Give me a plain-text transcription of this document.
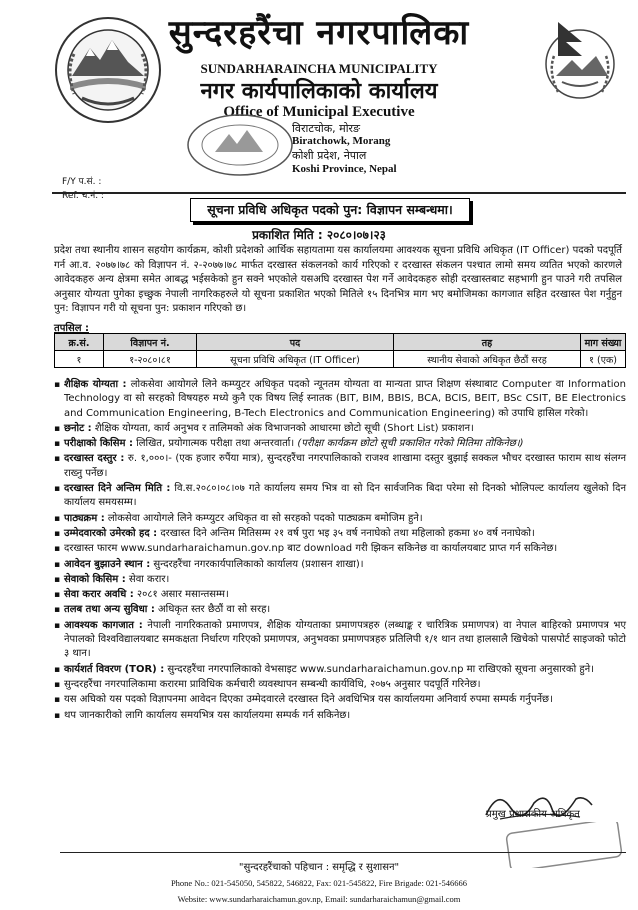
सुन्दरहरैंचा नगरपालिका
SUNDARHARAINCHA MUNICIPALITY
नगर कार्यपालिकाको कार्यालय
Office of Municipal Executive
विराटचोक, मोरङ
Biratchowk, Morang
कोशी प्रदेश, नेपाल
Koshi Province, Nepal
F/Y प.सं. :
Ref. च.नं. :
सूचना प्रविधि अधिकृत पदको पुन: विज्ञापन सम्बन्धमा।
प्रकाशित मिति : २०८०।०७।२३
प्रदेश तथा स्थानीय शासन सहयोग कार्यक्रम, कोशी प्रदेशको आर्थिक सहायतामा यस कार्यालयमा आवश्यक सूचना प्रविधि अधिकृत (IT Officer) पदको पदपूर्ति गर्न आ.व. २०७७।७८ को विज्ञापन नं. २-२०७७।७८ मार्फत दरखास्त संकलनको कार्य गरिएको र दरखास्त संकलन पश्चात लामो समय व्यतित भएको कारणले आवेदकहरु अन्य क्षेत्रमा समेत आबद्ध भईसकेको हुन सक्ने भएकोले यसअघि दरखास्त पेश गर्ने आवेदकहरु सोही दरखास्तबाट सहभागी हुन पाउने गरी तपसिल अनुसार योग्यता पुगेका इच्छुक नेपाली नागरिकहरुले यो सूचना प्रकाशित भएको मितिले १५ दिनभित्र माग भए बमोजिमका कागजात सहित दरखास्त पेश गर्नुहुन पुन: विज्ञापन गरी यो सूचना पुन: प्रकाशन गरिएको छ।
तपसिल :
क्र.सं.	विज्ञापन नं.	पद	तह	माग संख्या
१	१-२०८०।८१	सूचना प्रविधि अधिकृत (IT Officer)	स्थानीय सेवाको अधिकृत छैठौं सरह	१ (एक)
▪ शैक्षिक योग्यता : लोकसेवा आयोगले लिने कम्प्युटर अधिकृत पदको न्यूनतम योग्यता वा मान्यता प्राप्त शिक्षण संस्थाबाट Computer वा Information Technology वा सो सरहको विषयहरु मध्ये कुनै एक विषय लिई स्नातक (BIT, BIM, BBIS, BCA, BCIS, BEIT, BSc CSIT, BE Electronics and Communication Engineering, B-Tech Electronics and Communication Engineering) को उपाधि हासिल गरेको।
▪ छनोट : शैक्षिक योग्यता, कार्य अनुभव र तालिमको अंक विभाजनको आधारमा छोटो सूची (Short List) प्रकाशन।
▪ परीक्षाको किसिम : लिखित, प्रयोगात्मक परीक्षा तथा अन्तरवार्ता। (परीक्षा कार्यक्रम छोटो सूची प्रकाशित गरेको मितिमा तोकिनेछ।)
▪ दरखास्त दस्तुर : रु. १,०००।- (एक हजार रुपैंया मात्र), सुन्दरहरैंचा नगरपालिकाको राजश्व शाखामा दस्तुर बुझाई सक्कल भौचर दरखास्त फाराम साथ संलग्न राख्नु पर्नेछ।
▪ दरखास्त दिने अन्तिम मिति : वि.स.२०८०।०८।०७ गते कार्यालय समय भित्र वा सो दिन सार्वजनिक बिदा परेमा सो दिनको भोलिपल्ट कार्यालय खुलेको दिन कार्यालय समयसम्म।
▪ पाठ्यक्रम : लोकसेवा आयोगले लिने कम्प्युटर अधिकृत वा सो सरहको पदको पाठ्यक्रम बमोजिम हुने।
▪ उम्मेदवारको उमेरको हद : दरखास्त दिने अन्तिम मितिसम्म २१ वर्ष पुरा भइ ३५ वर्ष ननाघेको तथा महिलाको हकमा ४० वर्ष ननाघेको।
▪ दरखास्त फारम www.sundarharaichamun.gov.np बाट download गरी झिकन सकिनेछ वा कार्यालयबाट प्राप्त गर्न सकिनेछ।
▪ आवेदन बुझाउने स्थान : सुन्दरहरैंचा नगरकार्यपालिकाको कार्यालय (प्रशासन शाखा)।
▪ सेवाको किसिम : सेवा करार।
▪ सेवा करार अवधि : २०८१ असार मसान्तसम्म।
▪ तलब तथा अन्य सुविधा : अधिकृत स्तर छैठौं वा सो सरह।
▪ आवश्यक कागजात : नेपाली नागरिकताको प्रमाणपत्र, शैक्षिक योग्यताका प्रमाणपत्रहरु (लब्धाङ्क र चारित्रिक प्रमाणपत्र) वा नेपाल बाहिरको प्रमाणपत्र भए नेपालको विश्वविद्यालयबाट समकक्षता निर्धारण गरिएको प्रमाणपत्र, अनुभवका प्रमाणपत्रहरु प्रतिलिपी १/१ थान तथा हालसालै खिचेको पासपोर्ट साइजको फोटो ३ थान।
▪ कार्यशर्त विवरण (TOR) : सुन्दरहरैंचा नगरपालिकाको वेभसाइट www.sundarharaichamun.gov.np मा राखिएको सूचना अनुसारको हुने।
▪ सुन्दरहरैंचा नगरपालिकामा करारमा प्राविधिक कर्मचारी व्यवस्थापन सम्बन्धी कार्यविधि, २०७५ अनुसार पदपूर्ति गरिनेछ।
▪ यस अघिको यस पदको विज्ञापनमा आवेदन दिएका उम्मेदवारले दरखास्त दिने अवधिभित्र यस कार्यालयमा अनिवार्य रुपमा सम्पर्क गर्नुपर्नेछ।
▪ थप जानकारीको लागि कार्यालय समयभित्र यस कार्यालयमा सम्पर्क गर्न सकिनेछ।
प्रमुख प्रशासकीय अधिकृत
"सुन्दरहरैंचाको पहिचान : समृद्धि र सुशासन"
Phone No.: 021-545050, 545822, 546822, Fax: 021-545822, Fire Brigade: 021-546666
Website: www.sundarharaichamun.gov.np, Email: sundarharaichamun@gmail.com
